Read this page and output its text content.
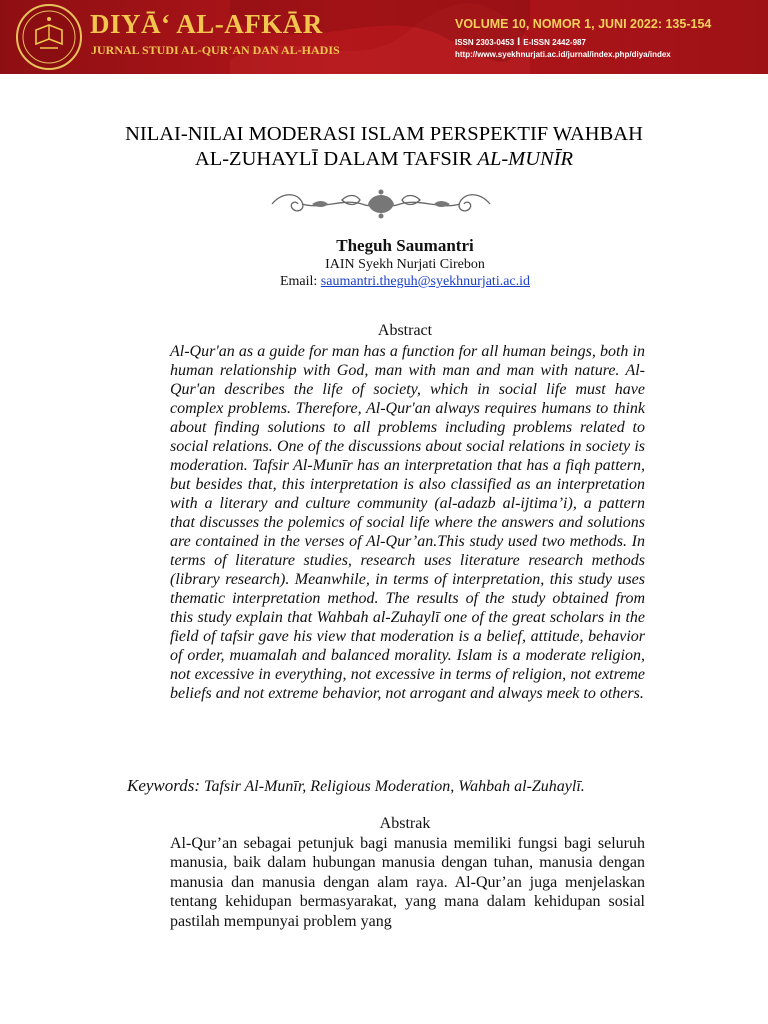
DIYĀ‘ AL-AFKĀR
JURNAL STUDI AL-QUR’AN DAN AL-HADIS
VOLUME 10, NOMOR 1, JUNI 2022: 135-154
ISSN 2303-0453 I E-ISSN 2442-987
http://www.syekhnurjati.ac.id/jurnal/index.php/diya/index
NILAI-NILAI MODERASI ISLAM PERSPEKTIF WAHBAH
AL-ZUHAYLĪ DALAM TAFSIR AL-MUNĪR
Theguh Saumantri
IAIN Syekh Nurjati Cirebon
Email: saumantri.theguh@syekhnurjati.ac.id
Abstract
Al-Qur'an as a guide for man has a function for all human beings, both in human relationship with God, man with man and man with nature. Al-Qur'an describes the life of society, which in social life must have complex problems. Therefore, Al-Qur'an always requires humans to think about finding solutions to all problems including problems related to social relations. One of the discussions about social relations in society is moderation. Tafsir Al-Munīr has an interpretation that has a fiqh pattern, but besides that, this interpretation is also classified as an interpretation with a literary and culture community (al-adazb al-ijtima’i), a pattern that discusses the polemics of social life where the answers and solutions are contained in the verses of Al-Qur’an.This study used two methods. In terms of literature studies, research uses literature research methods (library research). Meanwhile, in terms of interpretation, this study uses thematic interpretation method. The results of the study obtained from this study explain that Wahbah al-Zuhaylī one of the great scholars in the field of tafsir gave his view that moderation is a belief, attitude, behavior of order, muamalah and balanced morality. Islam is a moderate religion, not excessive in everything, not excessive in terms of religion, not extreme beliefs and not extreme behavior, not arrogant and always meek to others.
Keywords: Tafsir Al-Munīr, Religious Moderation, Wahbah al-Zuhaylī.
Abstrak
Al-Qur’an sebagai petunjuk bagi manusia memiliki fungsi bagi seluruh manusia, baik dalam hubungan manusia dengan tuhan, manusia dengan manusia dan manusia dengan alam raya. Al-Qur’an juga menjelaskan tentang kehidupan bermasyarakat, yang mana dalam kehidupan sosial pastilah mempunyai problem yang
